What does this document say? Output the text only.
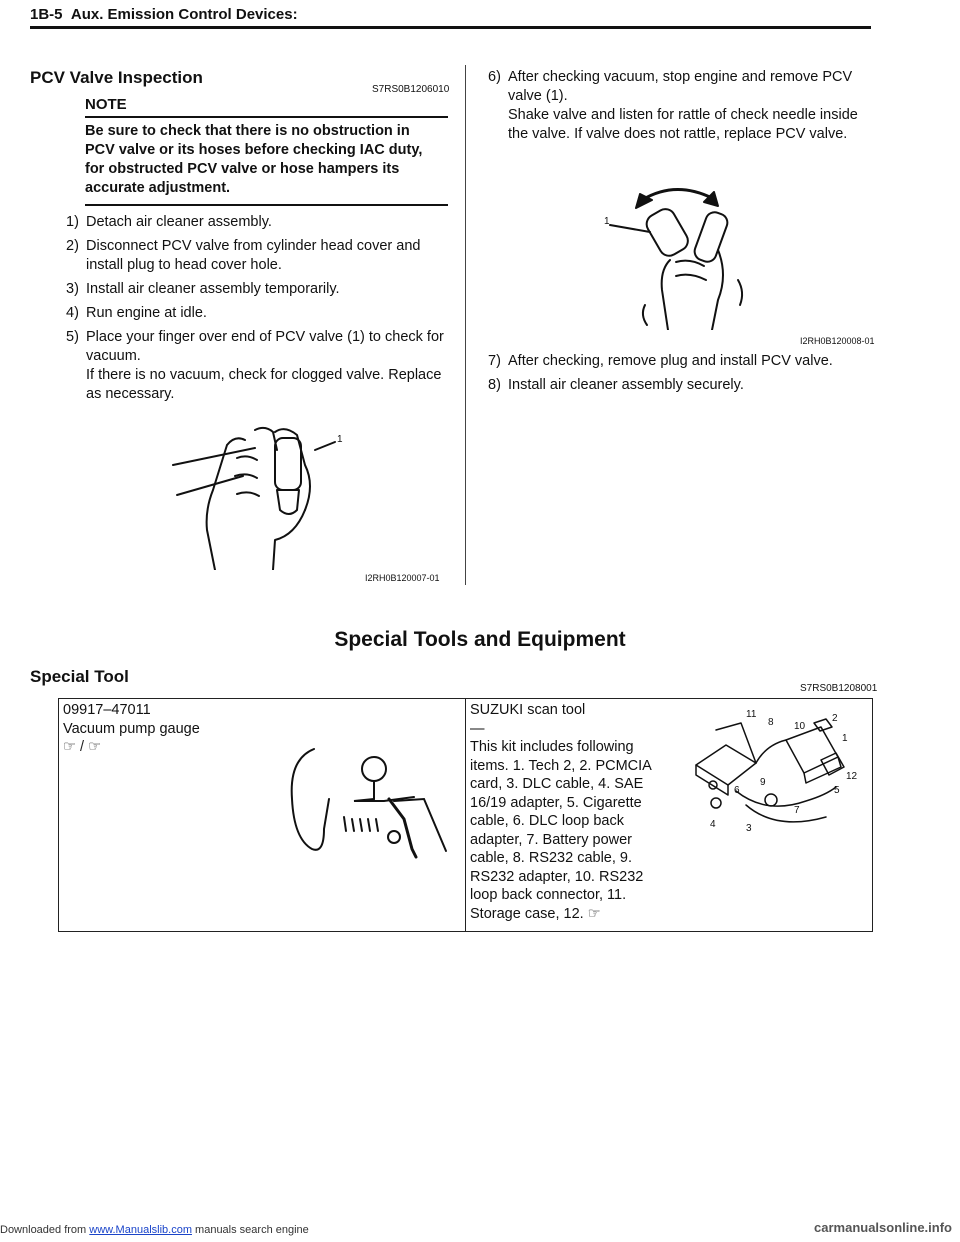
1B-5 Aux. Emission Control Devices:
PCV Valve Inspection
S7RS0B1206010
NOTE
Be sure to check that there is no obstruction in PCV valve or its hoses before checking IAC duty, for obstructed PCV valve or hose hampers its accurate adjustment.
1) Detach air cleaner assembly.
2) Disconnect PCV valve from cylinder head cover and install plug to head cover hole.
3) Install air cleaner assembly temporarily.
4) Run engine at idle.
5) Place your finger over end of PCV valve (1) to check for vacuum.
If there is no vacuum, check for clogged valve. Replace as necessary.
1
I2RH0B120007-01
6) After checking vacuum, stop engine and remove PCV valve (1).
Shake valve and listen for rattle of check needle inside the valve. If valve does not rattle, replace PCV valve.
1
I2RH0B120008-01
7) After checking, remove plug and install PCV valve.
8) Install air cleaner assembly securely.
Special Tools and Equipment
Special Tool
S7RS0B1208001
09917–47011
Vacuum pump gauge
☞ / ☞

SUZUKI scan tool
—
This kit includes following items. 1. Tech 2, 2. PCMCIA card, 3. DLC cable, 4. SAE 16/19 adapter, 5. Cigarette cable, 6. DLC loop back adapter, 7. Battery power cable, 8. RS232 cable, 9. RS232 adapter, 10. RS232 loop back connector, 11. Storage case, 12. ☞
11
8 10
2
1
12
5
7
9
6
4	3
Downloaded from www.Manualslib.com manuals search engine	carmanualsonline.info
